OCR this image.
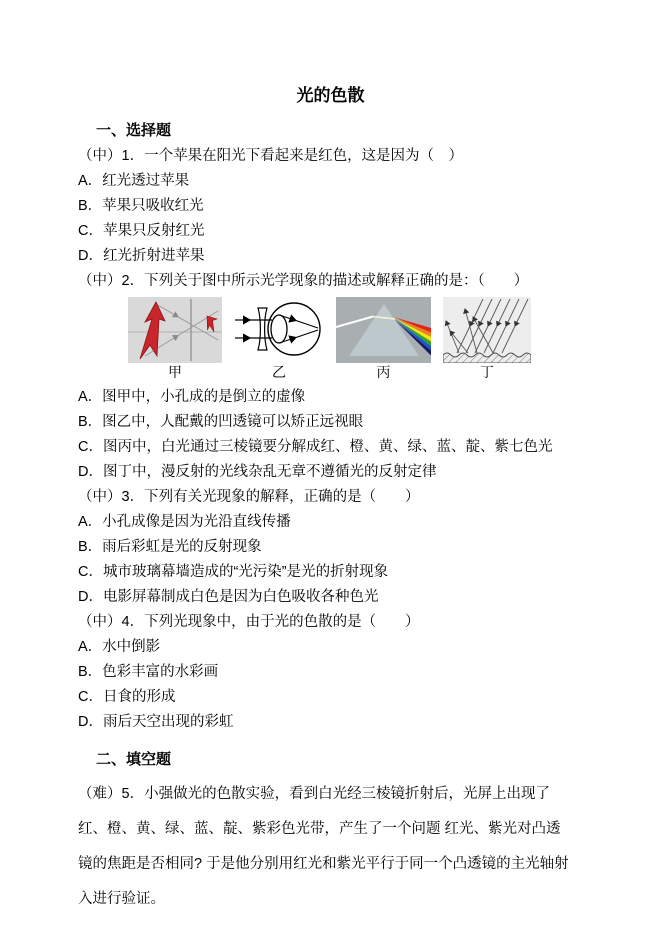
光的色散
一、选择题
（中）1．一个苹果在阳光下看起来是红色，这是因为（　）
A．红光透过苹果
B．苹果只吸收红光
C．苹果只反射红光
D．红光折射进苹果
（中）2．下列关于图中所示光学现象的描述或解释正确的是：（　　）
甲	乙	丙	丁
A．图甲中，小孔成的是倒立的虚像
B．图乙中，人配戴的凹透镜可以矫正远视眼
C．图丙中，白光通过三棱镜要分解成红、橙、黄、绿、蓝、靛、紫七色光
D．图丁中，漫反射的光线杂乱无章不遵循光的反射定律
（中）3．下列有关光现象的解释，正确的是（　　）
A．小孔成像是因为光沿直线传播
B．雨后彩虹是光的反射现象
C．城市玻璃幕墙造成的“光污染”是光的折射现象
D．电影屏幕制成白色是因为白色吸收各种色光
（中）4．下列光现象中，由于光的色散的是（　　）
A．水中倒影
B．色彩丰富的水彩画
C．日食的形成
D．雨后天空出现的彩虹
二、填空题
（难）5．小强做光的色散实验，看到白光经三棱镜折射后，光屏上出现了红、橙、黄、绿、蓝、靛、紫彩色光带，产生了一个问题 红光、紫光对凸透镜的焦距是否相同? 于是他分别用红光和紫光平行于同一个凸透镜的主光轴射入进行验证。
